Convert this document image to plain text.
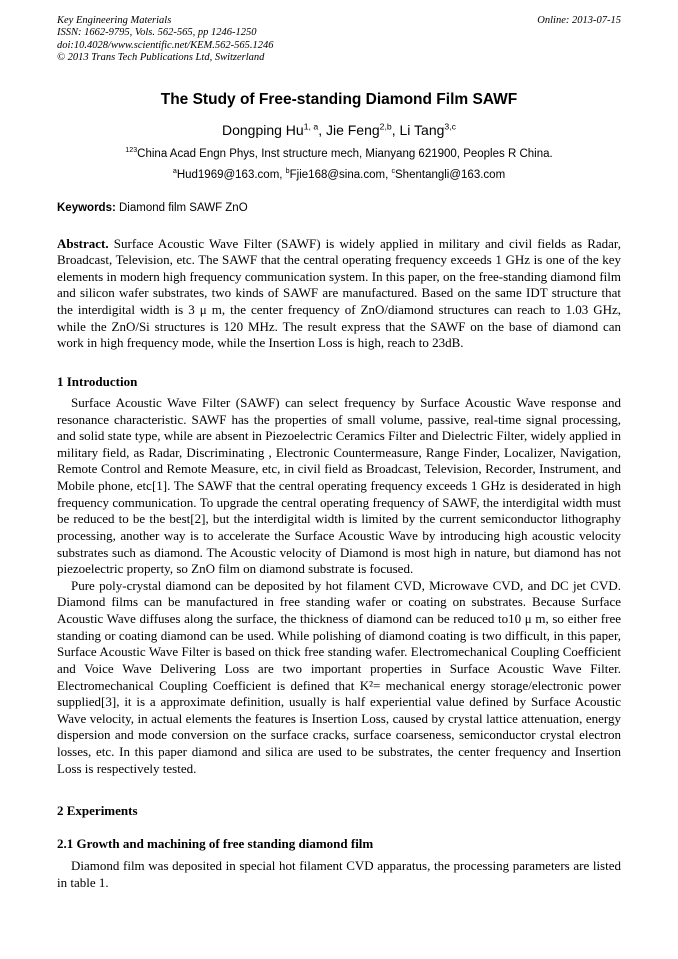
Key Engineering Materials
ISSN: 1662-9795, Vols. 562-565, pp 1246-1250
doi:10.4028/www.scientific.net/KEM.562-565.1246
© 2013 Trans Tech Publications Ltd, Switzerland
Online: 2013-07-15
The Study of Free-standing Diamond Film SAWF
Dongping Hu$^{1, a}$, Jie Feng$^{2,b}$, Li Tang$^{3,c}$
$^{123}$China Acad Engn Phys, Inst structure mech, Mianyang 621900, Peoples R China.
$^a$Hud1969@163.com, $^b$Fjie168@sina.com, $^c$Shentangli@163.com

Keywords: Diamond film SAWF ZnO

Abstract. Surface Acoustic Wave Filter (SAWF) is widely applied in military and civil fields as Radar, Broadcast, Television, etc. The SAWF that the central operating frequency exceeds 1 GHz is one of the key elements in modern high frequency communication system. In this paper, on the free-standing diamond film and silicon wafer substrates, two kinds of SAWF are manufactured. Based on the same IDT structure that the interdigital width is 3 μ m, the center frequency of ZnO/diamond structures can reach to 1.03 GHz, while the ZnO/Si structures is 120 MHz. The result express that the SAWF on the base of diamond can work in high frequency mode, while the Insertion Loss is high, reach to 23dB.

1 Introduction

Surface Acoustic Wave Filter (SAWF) can select frequency by Surface Acoustic Wave response and resonance characteristic. SAWF has the properties of small volume, passive, real-time signal processing, and solid state type, while are absent in Piezoelectric Ceramics Filter and Dielectric Filter, widely applied in military field, as Radar, Discriminating , Electronic Countermeasure, Range Finder, Localizer, Navigation, Remote Control and Remote Measure, etc, in civil field as Broadcast, Television, Recorder, Instrument, and Mobile phone, etc[1]. The SAWF that the central operating frequency exceeds 1 GHz is desiderated in high frequency communication. To upgrade the central operating frequency of SAWF, the interdigital width must be reduced to be the best[2], but the interdigital width is limited by the current semiconductor lithography processing, another way is to accelerate the Surface Acoustic Wave by introducing high acoustic velocity substrates such as diamond. The Acoustic velocity of Diamond is most high in nature, but diamond has not piezoelectric property, so ZnO film on diamond substrate is focused.

Pure poly-crystal diamond can be deposited by hot filament CVD, Microwave CVD, and DC jet CVD. Diamond films can be manufactured in free standing wafer or coating on substrates. Because Surface Acoustic Wave diffuses along the surface, the thickness of diamond can be reduced to10 μ m, so either free standing or coating diamond can be used. While polishing of diamond coating is two difficult, in this paper, Surface Acoustic Wave Filter is based on thick free standing wafer. Electromechanical Coupling Coefficient and Voice Wave Delivering Loss are two important properties in Surface Acoustic Wave Filter. Electromechanical Coupling Coefficient is defined that K²= mechanical energy storage/electronic power supplied[3], it is a approximate definition, usually is half experiential value defined by Surface Acoustic Wave velocity, in actual elements the features is Insertion Loss, caused by crystal lattice attenuation, energy dispersion and mode conversion on the surface cracks, surface coarseness, semiconductor crystal electron losses, etc. In this paper diamond and silica are used to be substrates, the center frequency and Insertion Loss is respectively tested.

2 Experiments
2.1 Growth and machining of free standing diamond film

Diamond film was deposited in special hot filament CVD apparatus, the processing parameters are listed in table 1.
